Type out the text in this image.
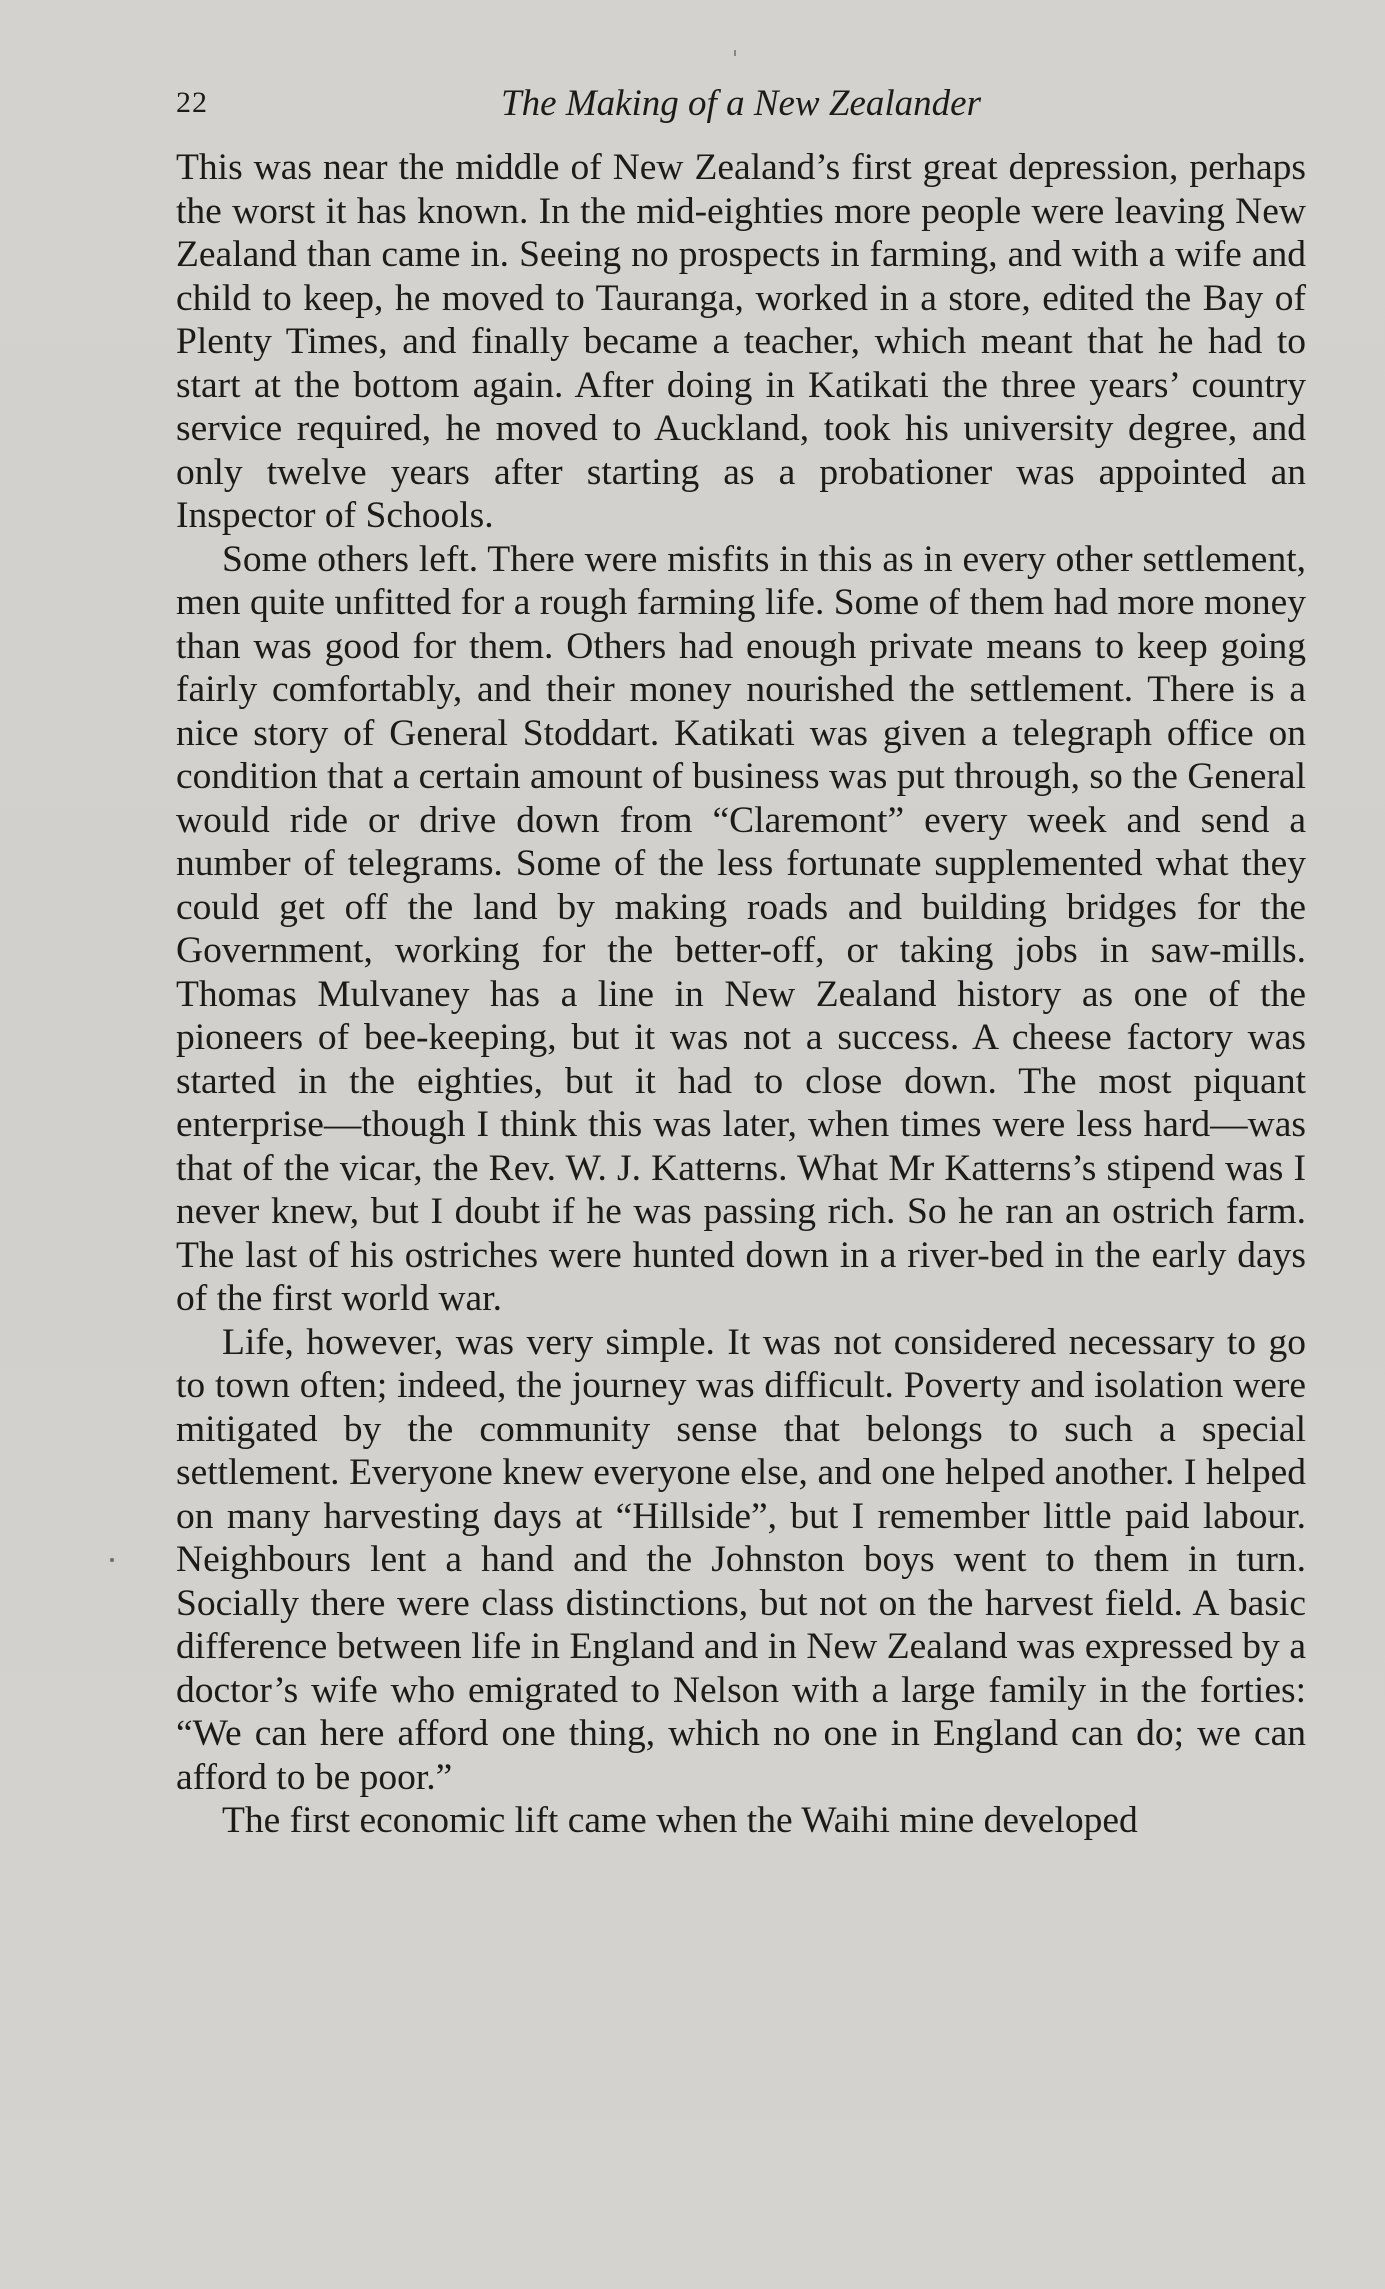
22	The Making of a New Zealander

This was near the middle of New Zealand’s first great depression, perhaps the worst it has known. In the mid-eighties more people were leaving New Zealand than came in. Seeing no prospects in farming, and with a wife and child to keep, he moved to Tauranga, worked in a store, edited the Bay of Plenty Times, and finally became a teacher, which meant that he had to start at the bottom again. After doing in Katikati the three years’ country service required, he moved to Auckland, took his university degree, and only twelve years after starting as a probationer was appointed an Inspector of Schools.

Some others left. There were misfits in this as in every other settlement, men quite unfitted for a rough farming life. Some of them had more money than was good for them. Others had enough private means to keep going fairly comfortably, and their money nourished the settlement. There is a nice story of General Stoddart. Katikati was given a telegraph office on condition that a certain amount of business was put through, so the General would ride or drive down from “Claremont” every week and send a number of telegrams. Some of the less fortunate supplemented what they could get off the land by making roads and building bridges for the Government, working for the better-off, or taking jobs in saw-mills. Thomas Mulvaney has a line in New Zealand history as one of the pioneers of bee-keeping, but it was not a success. A cheese factory was started in the eighties, but it had to close down. The most piquant enterprise—though I think this was later, when times were less hard—was that of the vicar, the Rev. W. J. Katterns. What Mr Katterns’s stipend was I never knew, but I doubt if he was passing rich. So he ran an ostrich farm. The last of his ostriches were hunted down in a river-bed in the early days of the first world war.

Life, however, was very simple. It was not considered necessary to go to town often; indeed, the journey was difficult. Poverty and isolation were mitigated by the community sense that belongs to such a special settlement. Everyone knew everyone else, and one helped another. I helped on many harvesting days at “Hillside”, but I remember little paid labour. Neighbours lent a hand and the Johnston boys went to them in turn. Socially there were class distinctions, but not on the harvest field. A basic difference between life in England and in New Zealand was expressed by a doctor’s wife who emigrated to Nelson with a large family in the forties: “We can here afford one thing, which no one in England can do; we can afford to be poor.”

The first economic lift came when the Waihi mine developed
